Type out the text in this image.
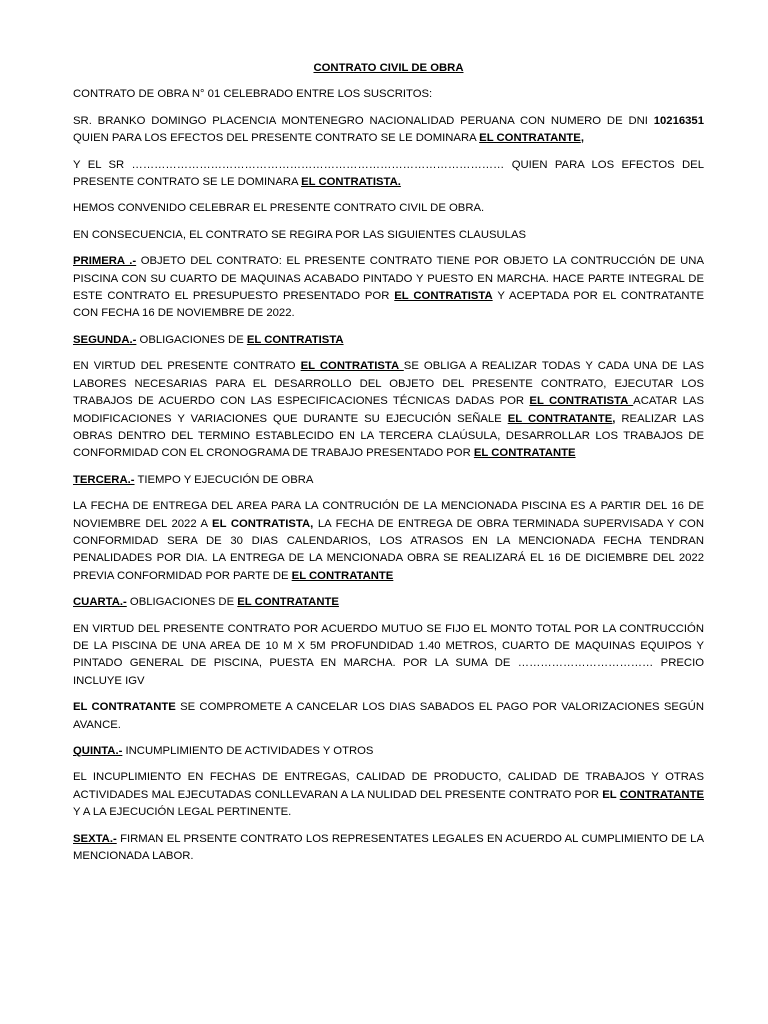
CONTRATO CIVIL DE OBRA

CONTRATO DE OBRA N° 01 CELEBRADO ENTRE LOS SUSCRITOS:

SR. BRANKO DOMINGO PLACENCIA MONTENEGRO NACIONALIDAD PERUANA CON NUMERO DE DNI 10216351 QUIEN PARA LOS EFECTOS DEL PRESENTE CONTRATO SE LE DOMINARA EL CONTRATANTE,

Y EL SR ……………………………………………………………………………………… QUIEN PARA LOS EFECTOS DEL PRESENTE CONTRATO SE LE DOMINARA EL CONTRATISTA.

HEMOS CONVENIDO CELEBRAR EL PRESENTE CONTRATO CIVIL DE OBRA.

EN CONSECUENCIA, EL CONTRATO SE REGIRA POR LAS SIGUIENTES CLAUSULAS

PRIMERA .- OBJETO DEL CONTRATO: EL PRESENTE CONTRATO TIENE POR OBJETO LA CONTRUCCIÓN DE UNA PISCINA CON SU CUARTO DE MAQUINAS ACABADO PINTADO Y PUESTO EN MARCHA. HACE PARTE INTEGRAL DE ESTE CONTRATO EL PRESUPUESTO PRESENTADO POR EL CONTRATISTA Y ACEPTADA POR EL CONTRATANTE CON FECHA 16 DE NOVIEMBRE DE 2022.

SEGUNDA.- OBLIGACIONES DE EL CONTRATISTA

EN VIRTUD DEL PRESENTE CONTRATO EL CONTRATISTA SE OBLIGA A REALIZAR TODAS Y CADA UNA DE LAS LABORES NECESARIAS PARA EL DESARROLLO DEL OBJETO DEL PRESENTE CONTRATO, EJECUTAR LOS TRABAJOS DE ACUERDO CON LAS ESPECIFICACIONES TÉCNICAS DADAS POR EL CONTRATISTA ACATAR LAS MODIFICACIONES Y VARIACIONES QUE DURANTE SU EJECUCIÓN SEÑALE EL CONTRATANTE, REALIZAR LAS OBRAS DENTRO DEL TERMINO ESTABLECIDO EN LA TERCERA CLAÚSULA, DESARROLLAR LOS TRABAJOS DE CONFORMIDAD CON EL CRONOGRAMA DE TRABAJO PRESENTADO POR EL CONTRATANTE

TERCERA.- TIEMPO Y EJECUCIÓN DE OBRA

LA FECHA DE ENTREGA DEL AREA PARA LA CONTRUCIÓN DE LA MENCIONADA PISCINA ES A PARTIR DEL 16 DE NOVIEMBRE DEL 2022 A EL CONTRATISTA, LA FECHA DE ENTREGA DE OBRA TERMINADA SUPERVISADA Y CON CONFORMIDAD SERA DE 30 DIAS CALENDARIOS, LOS ATRASOS EN LA MENCIONADA FECHA TENDRAN PENALIDADES POR DIA. LA ENTREGA DE LA MENCIONADA OBRA SE REALIZARÁ EL 16 DE DICIEMBRE DEL 2022 PREVIA CONFORMIDAD POR PARTE DE EL CONTRATANTE

CUARTA.- OBLIGACIONES DE EL CONTRATANTE

EN VIRTUD DEL PRESENTE CONTRATO POR ACUERDO MUTUO SE FIJO EL MONTO TOTAL POR LA CONTRUCCIÓN DE LA PISCINA DE UNA AREA DE 10 M X 5M PROFUNDIDAD 1.40 METROS, CUARTO DE MAQUINAS EQUIPOS Y PINTADO GENERAL DE PISCINA, PUESTA EN MARCHA. POR LA SUMA DE ……………………………… PRECIO INCLUYE IGV

EL CONTRATANTE SE COMPROMETE A CANCELAR LOS DIAS SABADOS EL PAGO POR VALORIZACIONES SEGÚN AVANCE.

QUINTA.- INCUMPLIMIENTO DE ACTIVIDADES Y OTROS

EL INCUPLIMIENTO EN FECHAS DE ENTREGAS, CALIDAD DE PRODUCTO, CALIDAD DE TRABAJOS Y OTRAS ACTIVIDADES MAL EJECUTADAS CONLLEVARAN A LA NULIDAD DEL PRESENTE CONTRATO POR EL CONTRATANTE Y A LA EJECUCIÓN LEGAL PERTINENTE.

SEXTA.- FIRMAN EL PRSENTE CONTRATO LOS REPRESENTATES LEGALES EN ACUERDO AL CUMPLIMIENTO DE LA MENCIONADA LABOR.
